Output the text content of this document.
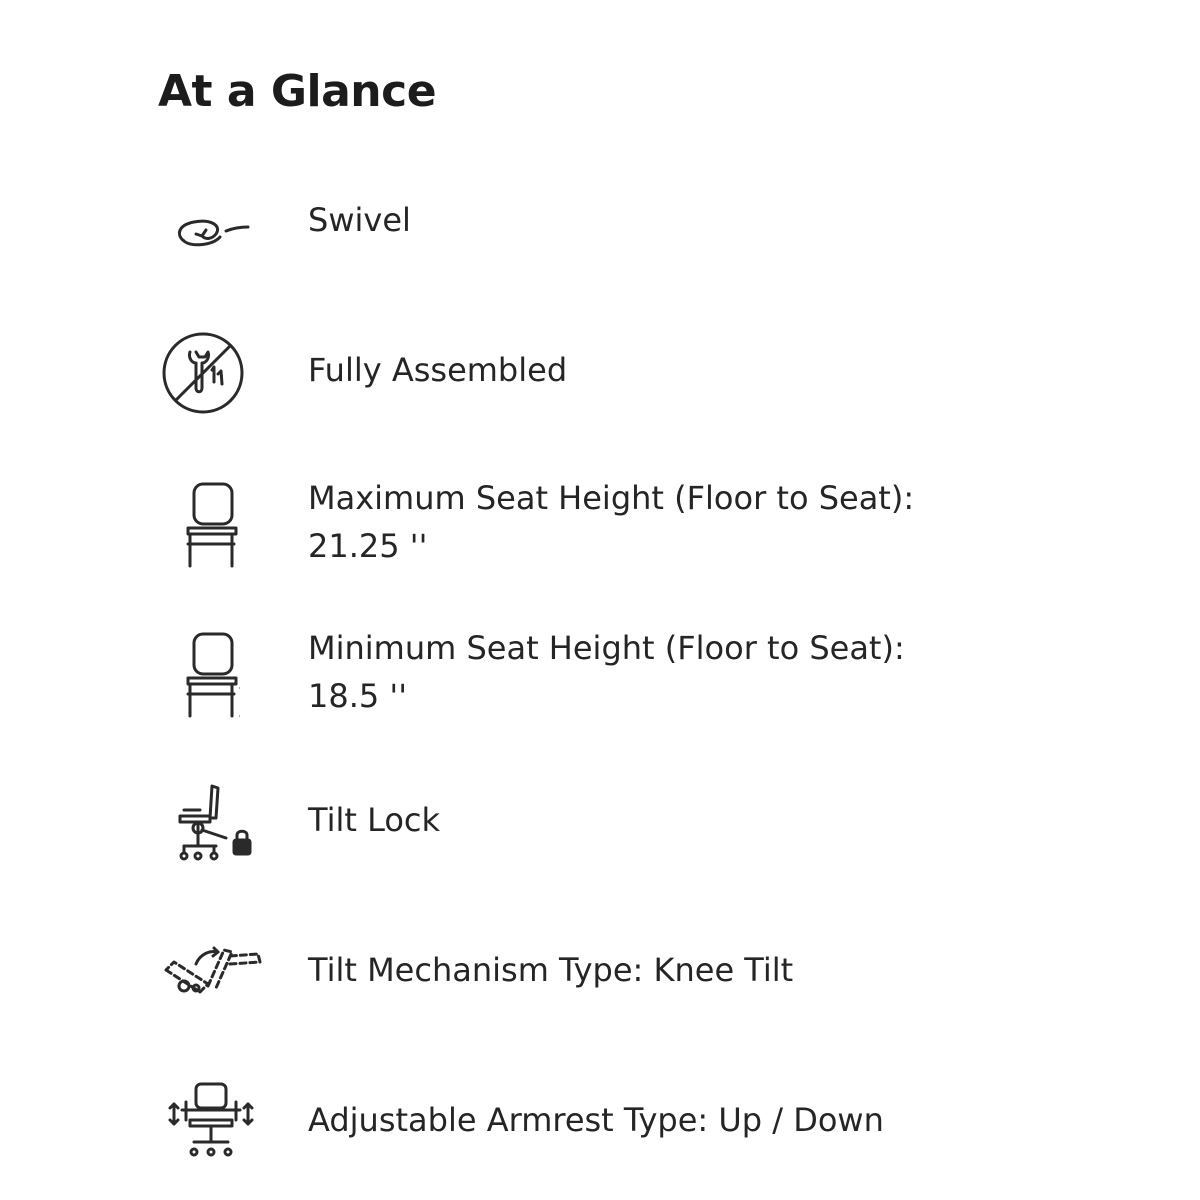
At a Glance

Swivel

Fully Assembled

Maximum Seat Height (Floor to Seat): 21.25 ''

Minimum Seat Height (Floor to Seat): 18.5 ''

Tilt Lock

Tilt Mechanism Type: Knee Tilt

Adjustable Armrest Type: Up / Down
